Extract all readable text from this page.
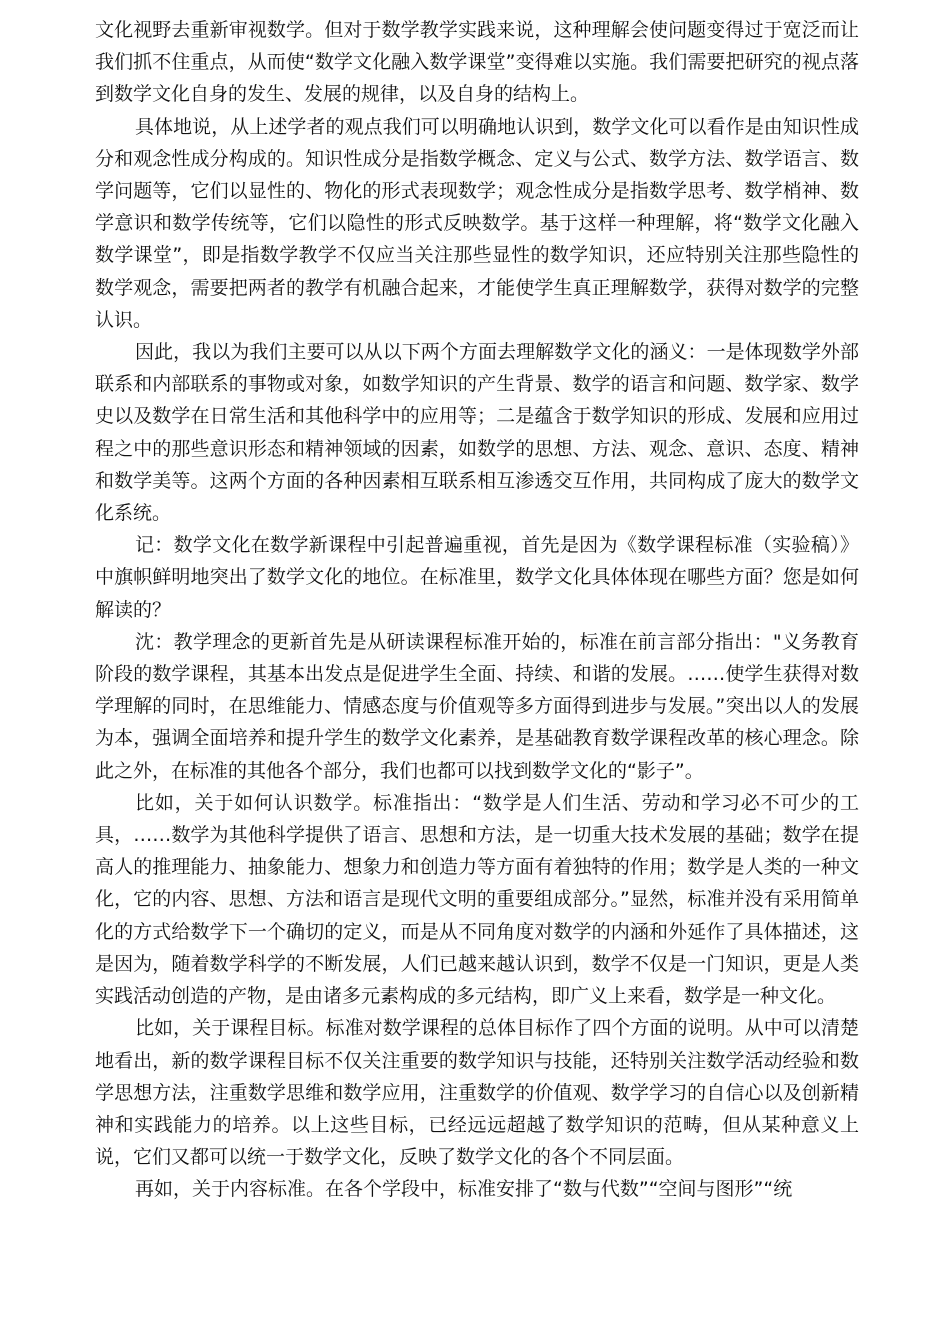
文化视野去重新审视数学。但对于数学教学实践来说，这种理解会使问题变得过于宽泛而让我们抓不住重点，从而使“数学文化融入数学课堂”变得难以实施。我们需要把研究的视点落到数学文化自身的发生、发展的规律，以及自身的结构上。

具体地说，从上述学者的观点我们可以明确地认识到，数学文化可以看作是由知识性成分和观念性成分构成的。知识性成分是指数学概念、定义与公式、数学方法、数学语言、数学问题等，它们以显性的、物化的形式表现数学；观念性成分是指数学思考、数学梢神、数学意识和数学传统等，它们以隐性的形式反映数学。基于这样一种理解，将“数学文化融入数学课堂”，即是指数学教学不仅应当关注那些显性的数学知识，还应特别关注那些隐性的数学观念，需要把两者的教学有机融合起来，才能使学生真正理解数学，获得对数学的完整认识。

因此，我以为我们主要可以从以下两个方面去理解数学文化的涵义：一是体现数学外部联系和内部联系的事物或对象，如数学知识的产生背景、数学的语言和问题、数学家、数学史以及数学在日常生活和其他科学中的应用等；二是蕴含于数学知识的形成、发展和应用过程之中的那些意识形态和精神领域的因素，如数学的思想、方法、观念、意识、态度、精神和数学美等。这两个方面的各种因素相互联系相互渗透交互作用，共同构成了庞大的数学文化系统。

记：数学文化在数学新课程中引起普遍重视，首先是因为《数学课程标准（实验稿）》中旗帜鲜明地突出了数学文化的地位。在标准里，数学文化具体体现在哪些方面？您是如何解读的？

沈：教学理念的更新首先是从研读课程标准开始的，标准在前言部分指出："义务教育阶段的数学课程，其基本出发点是促进学生全面、持续、和谐的发展。……使学生获得对数学理解的同时，在思维能力、情感态度与价值观等多方面得到进步与发展。”突出以人的发展为本，强调全面培养和提升学生的数学文化素养，是基础教育数学课程改革的核心理念。除此之外，在标准的其他各个部分，我们也都可以找到数学文化的“影子”。

比如，关于如何认识数学。标准指出：“数学是人们生活、劳动和学习必不可少的工具，……数学为其他科学提供了语言、思想和方法，是一切重大技术发展的基础；数学在提高人的推理能力、抽象能力、想象力和创造力等方面有着独特的作用；数学是人类的一种文化，它的内容、思想、方法和语言是现代文明的重要组成部分。”显然，标准并没有采用简单化的方式给数学下一个确切的定义，而是从不同角度对数学的内涵和外延作了具体描述，这是因为，随着数学科学的不断发展，人们已越来越认识到，数学不仅是一门知识，更是人类实践活动创造的产物，是由诸多元素构成的多元结构，即广义上来看，数学是一种文化。

比如，关于课程目标。标准对数学课程的总体目标作了四个方面的说明。从中可以清楚地看出，新的数学课程目标不仅关注重要的数学知识与技能，还特别关注数学活动经验和数学思想方法，注重数学思维和数学应用，注重数学的价值观、数学学习的自信心以及创新精神和实践能力的培养。以上这些目标，已经远远超越了数学知识的范畴，但从某种意义上说，它们又都可以统一于数学文化，反映了数学文化的各个不同层面。

再如，关于内容标准。在各个学段中，标准安排了“数与代数”“空间与图形”“统
